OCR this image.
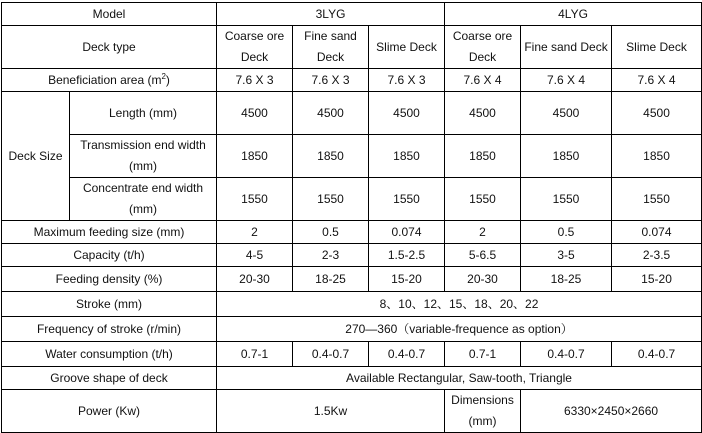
Model		3LYG			4LYG		
Deck type		Coarse ore Deck	Fine sand Deck	Slime Deck	Coarse ore Deck	Fine sand Deck	Slime Deck
Beneficiation area $(m^2)$		7.6 X 3	7.6 X 3	7.6 X 3	7.6 X 4	7.6 X 4	7.6 X 4
Deck Size	Length (mm)	4500	4500	4500	4500	4500	4500
	Transmission end width (mm)	1850	1850	1850	1850	1850	1850
	Concentrate end width (mm)	1550	1550	1550	1550	1550	1550
Maximum feeding size (mm)		2	0.5	0.074	2	0.5	0.074
Capacity (t/h)		4-5	2-3	1.5-2.5	5-6.5	3-5	2-3.5
Feeding density (%)		20-30	18-25	15-20	20-30	18-25	15-20
Stroke (mm)		8、10、12、15、18、20、22					
Frequency of stroke (r/min)		270—360（variable-frequence as option）					
Water consumption (t/h)		0.7-1	0.4-0.7	0.4-0.7	0.7-1	0.4-0.7	0.4-0.7
Groove shape of deck		Available Rectangular, Saw-tooth, Triangle					
Power (Kw)		1.5Kw			Dimensions (mm)	6330×2450×2660	
